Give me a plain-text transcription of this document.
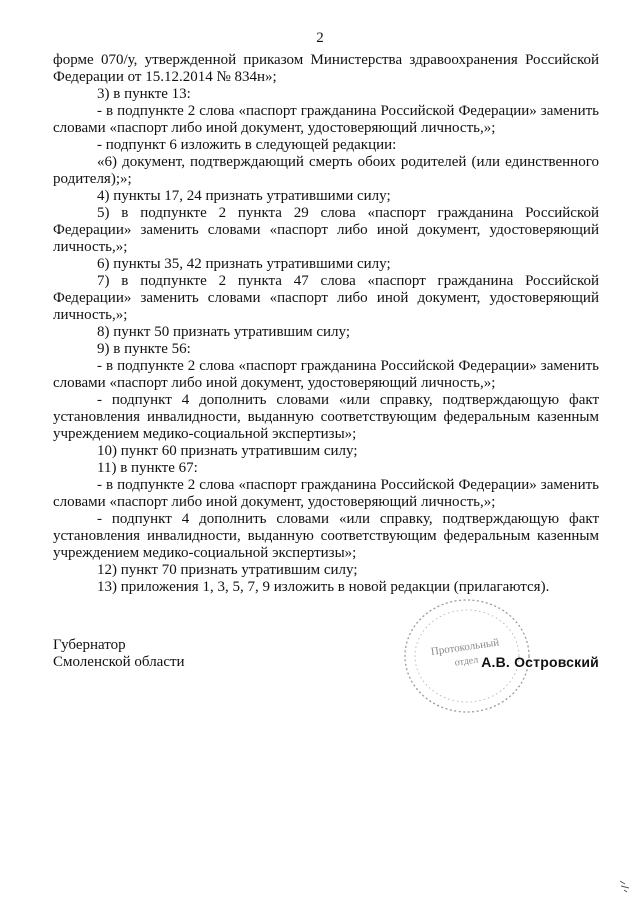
2

форме 070/у, утвержденной приказом Министерства здравоохранения Российской Федерации от 15.12.2014 № 834н»;

3) в пункте 13:

- в подпункте 2 слова «паспорт гражданина Российской Федерации» заменить словами «паспорт либо иной документ, удостоверяющий личность,»;

- подпункт 6 изложить в следующей редакции:

«6) документ, подтверждающий смерть обоих родителей (или единственного родителя);»;

4) пункты 17, 24 признать утратившими силу;

5) в подпункте 2 пункта 29 слова «паспорт гражданина Российской Федерации» заменить словами «паспорт либо иной документ, удостоверяющий личность,»;

6) пункты 35, 42 признать утратившими силу;

7) в подпункте 2 пункта 47 слова «паспорт гражданина Российской Федерации» заменить словами «паспорт либо иной документ, удостоверяющий личность,»;

8) пункт 50 признать утратившим силу;

9) в пункте 56:

- в подпункте 2 слова «паспорт гражданина Российской Федерации» заменить словами «паспорт либо иной документ, удостоверяющий личность,»;

- подпункт 4 дополнить словами «или справку, подтверждающую факт установления инвалидности, выданную соответствующим федеральным казенным учреждением медико-социальной экспертизы»;

10) пункт 60 признать утратившим силу;

11) в пункте 67:

- в подпункте 2 слова «паспорт гражданина Российской Федерации» заменить словами «паспорт либо иной документ, удостоверяющий личность,»;

- подпункт 4 дополнить словами «или справку, подтверждающую факт установления инвалидности, выданную соответствующим федеральным казенным учреждением медико-социальной экспертизы»;

12) пункт 70 признать утратившим силу;

13) приложения 1, 3, 5, 7, 9 изложить в новой редакции (прилагаются).

Протокольный
отдел

Губернатор

Смоленской области	А.В. Островский
